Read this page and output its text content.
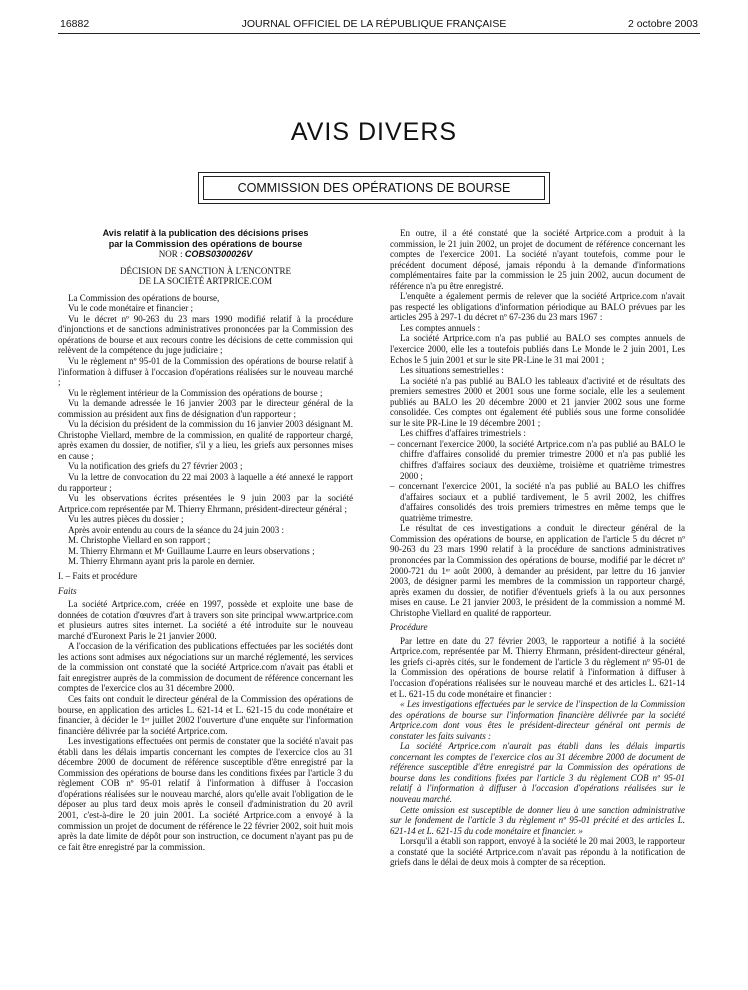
16882	JOURNAL OFFICIEL DE LA RÉPUBLIQUE FRANÇAISE	2 octobre 2003
AVIS DIVERS
COMMISSION DES OPÉRATIONS DE BOURSE

Avis relatif à la publication des décisions prises

par la Commission des opérations de bourse

NOR : COBS0300026V

DÉCISION DE SANCTION À L'ENCONTRE

DE LA SOCIÉTÉ ARTPRICE.COM

La Commission des opérations de bourse,

Vu le code monétaire et financier ;

Vu le décret nº 90-263 du 23 mars 1990 modifié relatif à la procédure d'injonctions et de sanctions administratives prononcées par la Commission des opérations de bourse et aux recours contre les décisions de cette commission qui relèvent de la compétence du juge judiciaire ;

Vu le règlement nº 95-01 de la Commission des opérations de bourse relatif à l'information à diffuser à l'occasion d'opérations réalisées sur le nouveau marché ;

Vu le règlement intérieur de la Commission des opérations de bourse ;

Vu la demande adressée le 16 janvier 2003 par le directeur général de la commission au président aux fins de désignation d'un rapporteur ;

Vu la décision du président de la commission du 16 janvier 2003 désignant M. Christophe Viellard, membre de la commission, en qualité de rapporteur chargé, après examen du dossier, de notifier, s'il y a lieu, les griefs aux personnes mises en cause ;

Vu la notification des griefs du 27 février 2003 ;

Vu la lettre de convocation du 22 mai 2003 à laquelle a été annexé le rapport du rapporteur ;

Vu les observations écrites présentées le 9 juin 2003 par la société Artprice.com représentée par M. Thierry Ehrmann, président-directeur général ;

Vu les autres pièces du dossier ;

Après avoir entendu au cours de la séance du 24 juin 2003 :

M. Christophe Viellard en son rapport ;

M. Thierry Ehrmann et Mᵉ Guillaume Laurre en leurs observations ;

M. Thierry Ehrmann ayant pris la parole en dernier.

I. – Faits et procédure

Faits

La société Artprice.com, créée en 1997, possède et exploite une base de données de cotation d'œuvres d'art à travers son site principal www.artprice.com et plusieurs autres sites internet. La société a été introduite sur le nouveau marché d'Euronext Paris le 21 janvier 2000.

A l'occasion de la vérification des publications effectuées par les sociétés dont les actions sont admises aux négociations sur un marché réglementé, les services de la commission ont constaté que la société Artprice.com n'avait pas établi et fait enregistrer auprès de la commission de document de référence concernant les comptes de l'exercice clos au 31 décembre 2000.

Ces faits ont conduit le directeur général de la Commission des opérations de bourse, en application des articles L. 621-14 et L. 621-15 du code monétaire et financier, à décider le 1ᵉʳ juillet 2002 l'ouverture d'une enquête sur l'information financière délivrée par la société Artprice.com.

Les investigations effectuées ont permis de constater que la société n'avait pas établi dans les délais impartis concernant les comptes de l'exercice clos au 31 décembre 2000 de document de référence susceptible d'être enregistré par la Commission des opérations de bourse dans les conditions fixées par l'article 3 du règlement COB nº 95-01 relatif à l'information à diffuser à l'occasion d'opérations réalisées sur le nouveau marché, alors qu'elle avait l'obligation de le déposer au plus tard deux mois après le conseil d'administration du 20 avril 2001, c'est-à-dire le 20 juin 2001. La société Artprice.com a envoyé à la commission un projet de document de référence le 22 février 2002, soit huit mois après la date limite de dépôt pour son instruction, ce document n'ayant pas pu de ce fait être enregistré par la commission.

En outre, il a été constaté que la société Artprice.com a produit à la commission, le 21 juin 2002, un projet de document de référence concernant les comptes de l'exercice 2001. La société n'ayant toutefois, comme pour le précédent document déposé, jamais répondu à la demande d'informations complémentaires faite par la commission le 25 juin 2002, aucun document de référence n'a pu être enregistré.

L'enquête a également permis de relever que la société Artprice.com n'avait pas respecté les obligations d'information périodique au BALO prévues par les articles 295 à 297-1 du décret nº 67-236 du 23 mars 1967 :

Les comptes annuels :

La société Artprice.com n'a pas publié au BALO ses comptes annuels de l'exercice 2000, elle les a toutefois publiés dans Le Monde le 2 juin 2001, Les Echos le 5 juin 2001 et sur le site PR-Line le 31 mai 2001 ;

Les situations semestrielles :

La société n'a pas publié au BALO les tableaux d'activité et de résultats des premiers semestres 2000 et 2001 sous une forme sociale, elle les a seulement publiés au BALO les 20 décembre 2000 et 21 janvier 2002 sous une forme consolidée. Ces comptes ont également été publiés sous une forme consolidée sur le site PR-Line le 19 décembre 2001 ;

Les chiffres d'affaires trimestriels :

– concernant l'exercice 2000, la société Artprice.com n'a pas publié au BALO le chiffre d'affaires consolidé du premier trimestre 2000 et n'a pas publié les chiffres d'affaires sociaux des deuxième, troisième et quatrième trimestres 2000 ;

– concernant l'exercice 2001, la société n'a pas publié au BALO les chiffres d'affaires sociaux et a publié tardivement, le 5 avril 2002, les chiffres d'affaires consolidés des trois premiers trimestres en même temps que le quatrième trimestre.

Le résultat de ces investigations a conduit le directeur général de la Commission des opérations de bourse, en application de l'article 5 du décret nº 90-263 du 23 mars 1990 relatif à la procédure de sanctions administratives prononcées par la Commission des opérations de bourse, modifié par le décret nº 2000-721 du 1ᵉʳ août 2000, à demander au président, par lettre du 16 janvier 2003, de désigner parmi les membres de la commission un rapporteur chargé, après examen du dossier, de notifier d'éventuels griefs à la ou aux personnes mises en cause. Le 21 janvier 2003, le président de la commission a nommé M. Christophe Viellard en qualité de rapporteur.

Procédure

Par lettre en date du 27 février 2003, le rapporteur a notifié à la société Artprice.com, représentée par M. Thierry Ehrmann, président-directeur général, les griefs ci-après cités, sur le fondement de l'article 3 du règlement nº 95-01 de la Commission des opérations de bourse relatif à l'information à diffuser à l'occasion d'opérations réalisées sur le nouveau marché et des articles L. 621-14 et L. 621-15 du code monétaire et financier :

« Les investigations effectuées par le service de l'inspection de la Commission des opérations de bourse sur l'information financière délivrée par la société Artprice.com dont vous êtes le président-directeur général ont permis de constater les faits suivants :

La société Artprice.com n'aurait pas établi dans les délais impartis concernant les comptes de l'exercice clos au 31 décembre 2000 de document de référence susceptible d'être enregistré par la Commission des opérations de bourse dans les conditions fixées par l'article 3 du règlement COB nº 95-01 relatif à l'information à diffuser à l'occasion d'opérations réalisées sur le nouveau marché.

Cette omission est susceptible de donner lieu à une sanction administrative sur le fondement de l'article 3 du règlement nº 95-01 précité et des articles L. 621-14 et L. 621-15 du code monétaire et financier. »

Lorsqu'il a établi son rapport, envoyé à la société le 20 mai 2003, le rapporteur a constaté que la société Artprice.com n'avait pas répondu à la notification de griefs dans le délai de deux mois à compter de sa réception.
